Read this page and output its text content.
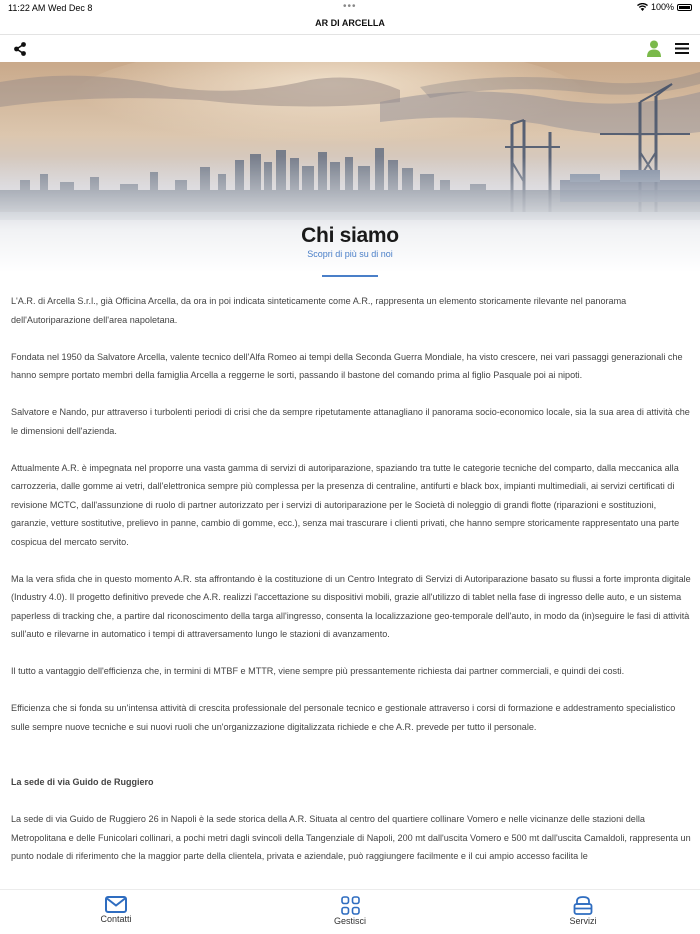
11:22 AM Wed Dec 8	•••	100%
AR DI ARCELLA
Chi siamo
Scopri di più su di noi

L'A.R. di Arcella S.r.l., già Officina Arcella, da ora in poi indicata sinteticamente come A.R., rappresenta un elemento storicamente rilevante nel panorama dell'Autoriparazione dell'area napoletana.

Fondata nel 1950 da Salvatore Arcella, valente tecnico dell'Alfa Romeo ai tempi della Seconda Guerra Mondiale, ha visto crescere, nei vari passaggi generazionali che hanno sempre portato membri della famiglia Arcella a reggerne le sorti, passando il bastone del comando prima al figlio Pasquale poi ai nipoti.

Salvatore e Nando, pur attraverso i turbolenti periodi di crisi che da sempre ripetutamente attanagliano il panorama socio-economico locale, sia la sua area di attività che le dimensioni dell'azienda.

Attualmente A.R. è impegnata nel proporre una vasta gamma di servizi di autoriparazione, spaziando tra tutte le categorie tecniche del comparto, dalla meccanica alla carrozzeria, dalle gomme ai vetri, dall'elettronica sempre più complessa per la presenza di centraline, antifurti e black box, impianti multimediali, ai servizi certificati di revisione MCTC, dall'assunzione di ruolo di partner autorizzato per i servizi di autoriparazione per le Società di noleggio di grandi flotte (riparazioni e sostituzioni, garanzie, vetture sostitutive, prelievo in panne, cambio di gomme, ecc.), senza mai trascurare i clienti privati, che hanno sempre storicamente rappresentato una parte cospicua del mercato servito.

Ma la vera sfida che in questo momento A.R. sta affrontando è la costituzione di un Centro Integrato di Servizi di Autoriparazione basato su flussi a forte impronta digitale (Industry 4.0). Il progetto definitivo prevede che A.R. realizzi l'accettazione su dispositivi mobili, grazie all'utilizzo di tablet nella fase di ingresso delle auto, e un sistema paperless di tracking che, a partire dal riconoscimento della targa all'ingresso, consenta la localizzazione geo-temporale dell'auto, in modo da (in)seguire le fasi di attività sull'auto e rilevarne in automatico i tempi di attraversamento lungo le stazioni di avanzamento.

Il tutto a vantaggio dell'efficienza che, in termini di MTBF e MTTR, viene sempre più pressantemente richiesta dai partner commerciali, e quindi dei costi.

Efficienza che si fonda su un'intensa attività di crescita professionale del personale tecnico e gestionale attraverso i corsi di formazione e addestramento specialistico sulle sempre nuove tecniche e sui nuovi ruoli che un'organizzazione digitalizzata richiede e che A.R. prevede per tutto il personale.

La sede di via Guido de Ruggiero

La sede di via Guido de Ruggiero 26 in Napoli è la sede storica della A.R. Situata al centro del quartiere collinare Vomero e nelle vicinanze delle stazioni della Metropolitana e delle Funicolari collinari, a pochi metri dagli svincoli della Tangenziale di Napoli, 200 mt dall'uscita Vomero e 500 mt dall'uscita Camaldoli, rappresenta un punto nodale di riferimento che la maggior parte della clientela, privata e aziendale, può raggiungere facilmente e il cui ampio accesso facilita le

Contatti	Gestisci	Servizi
